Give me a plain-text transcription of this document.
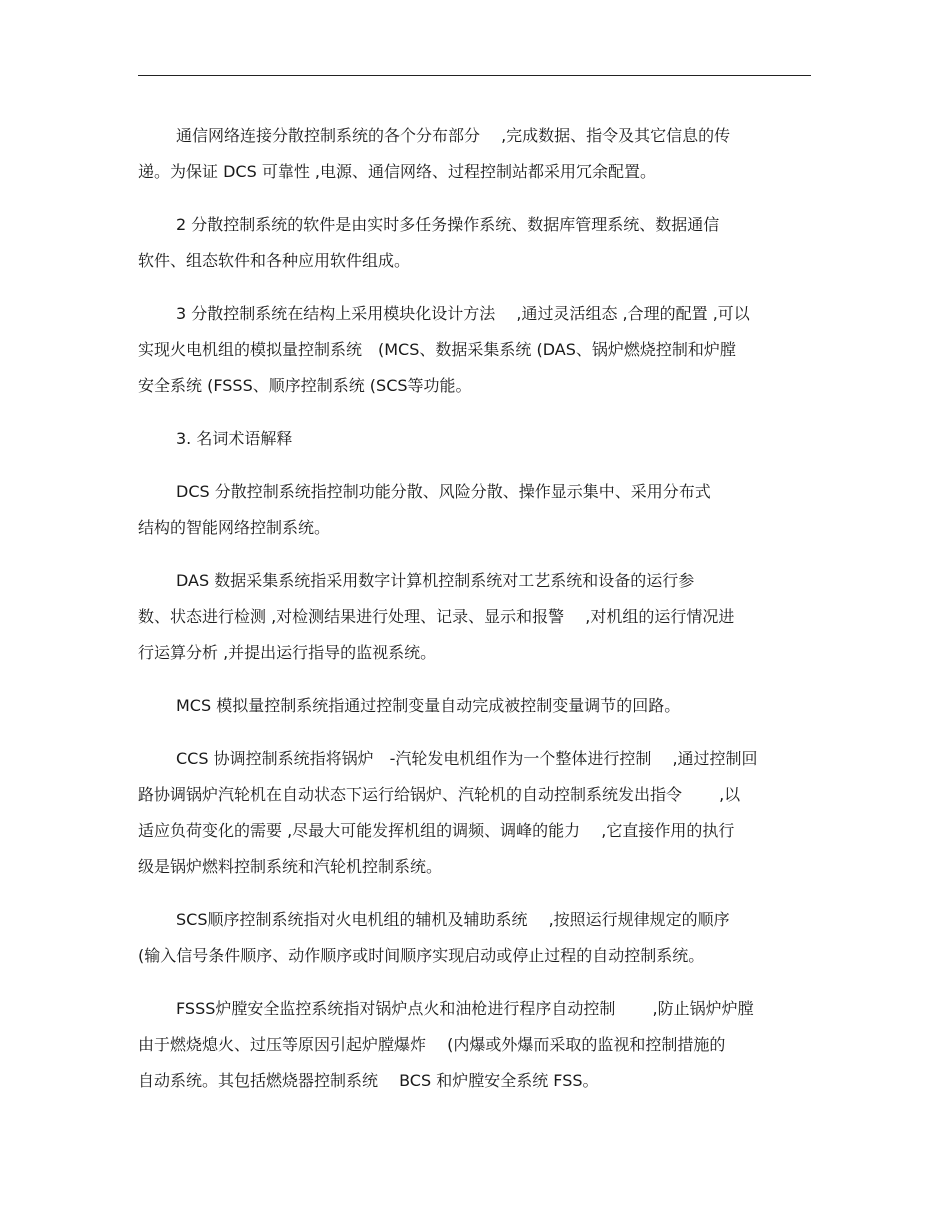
通信网络连接分散控制系统的各个分布部分　 ,完成数据、指令及其它信息的传
递。为保证 DCS 可靠性 ,电源、通信网络、过程控制站都采用冗余配置。
2 分散控制系统的软件是由实时多任务操作系统、数据库管理系统、数据通信
软件、组态软件和各种应用软件组成。
3 分散控制系统在结构上采用模块化设计方法　 ,通过灵活组态 ,合理的配置 ,可以
实现火电机组的模拟量控制系统　(MCS、数据采集系统 (DAS、锅炉燃烧控制和炉膛
安全系统 (FSSS、顺序控制系统 (SCS等功能。
3. 名词术语解释
DCS 分散控制系统指控制功能分散、风险分散、操作显示集中、采用分布式
结构的智能网络控制系统。
DAS 数据采集系统指采用数字计算机控制系统对工艺系统和设备的运行参
数、状态进行检测 ,对检测结果进行处理、记录、显示和报警　 ,对机组的运行情况进
行运算分析 ,并提出运行指导的监视系统。
MCS 模拟量控制系统指通过控制变量自动完成被控制变量调节的回路。
CCS 协调控制系统指将锅炉　-汽轮发电机组作为一个整体进行控制　 ,通过控制回
路协调锅炉汽轮机在自动状态下运行给锅炉、汽轮机的自动控制系统发出指令　　 ,以
适应负荷变化的需要 ,尽最大可能发挥机组的调频、调峰的能力　 ,它直接作用的执行
级是锅炉燃料控制系统和汽轮机控制系统。
SCS顺序控制系统指对火电机组的辅机及辅助系统　 ,按照运行规律规定的顺序
(输入信号条件顺序、动作顺序或时间顺序实现启动或停止过程的自动控制系统。
FSSS炉膛安全监控系统指对锅炉点火和油枪进行程序自动控制　　 ,防止锅炉炉膛
由于燃烧熄火、过压等原因引起炉膛爆炸　 (内爆或外爆而采取的监视和控制措施的
自动系统。其包括燃烧器控制系统　 BCS 和炉膛安全系统 FSS。
